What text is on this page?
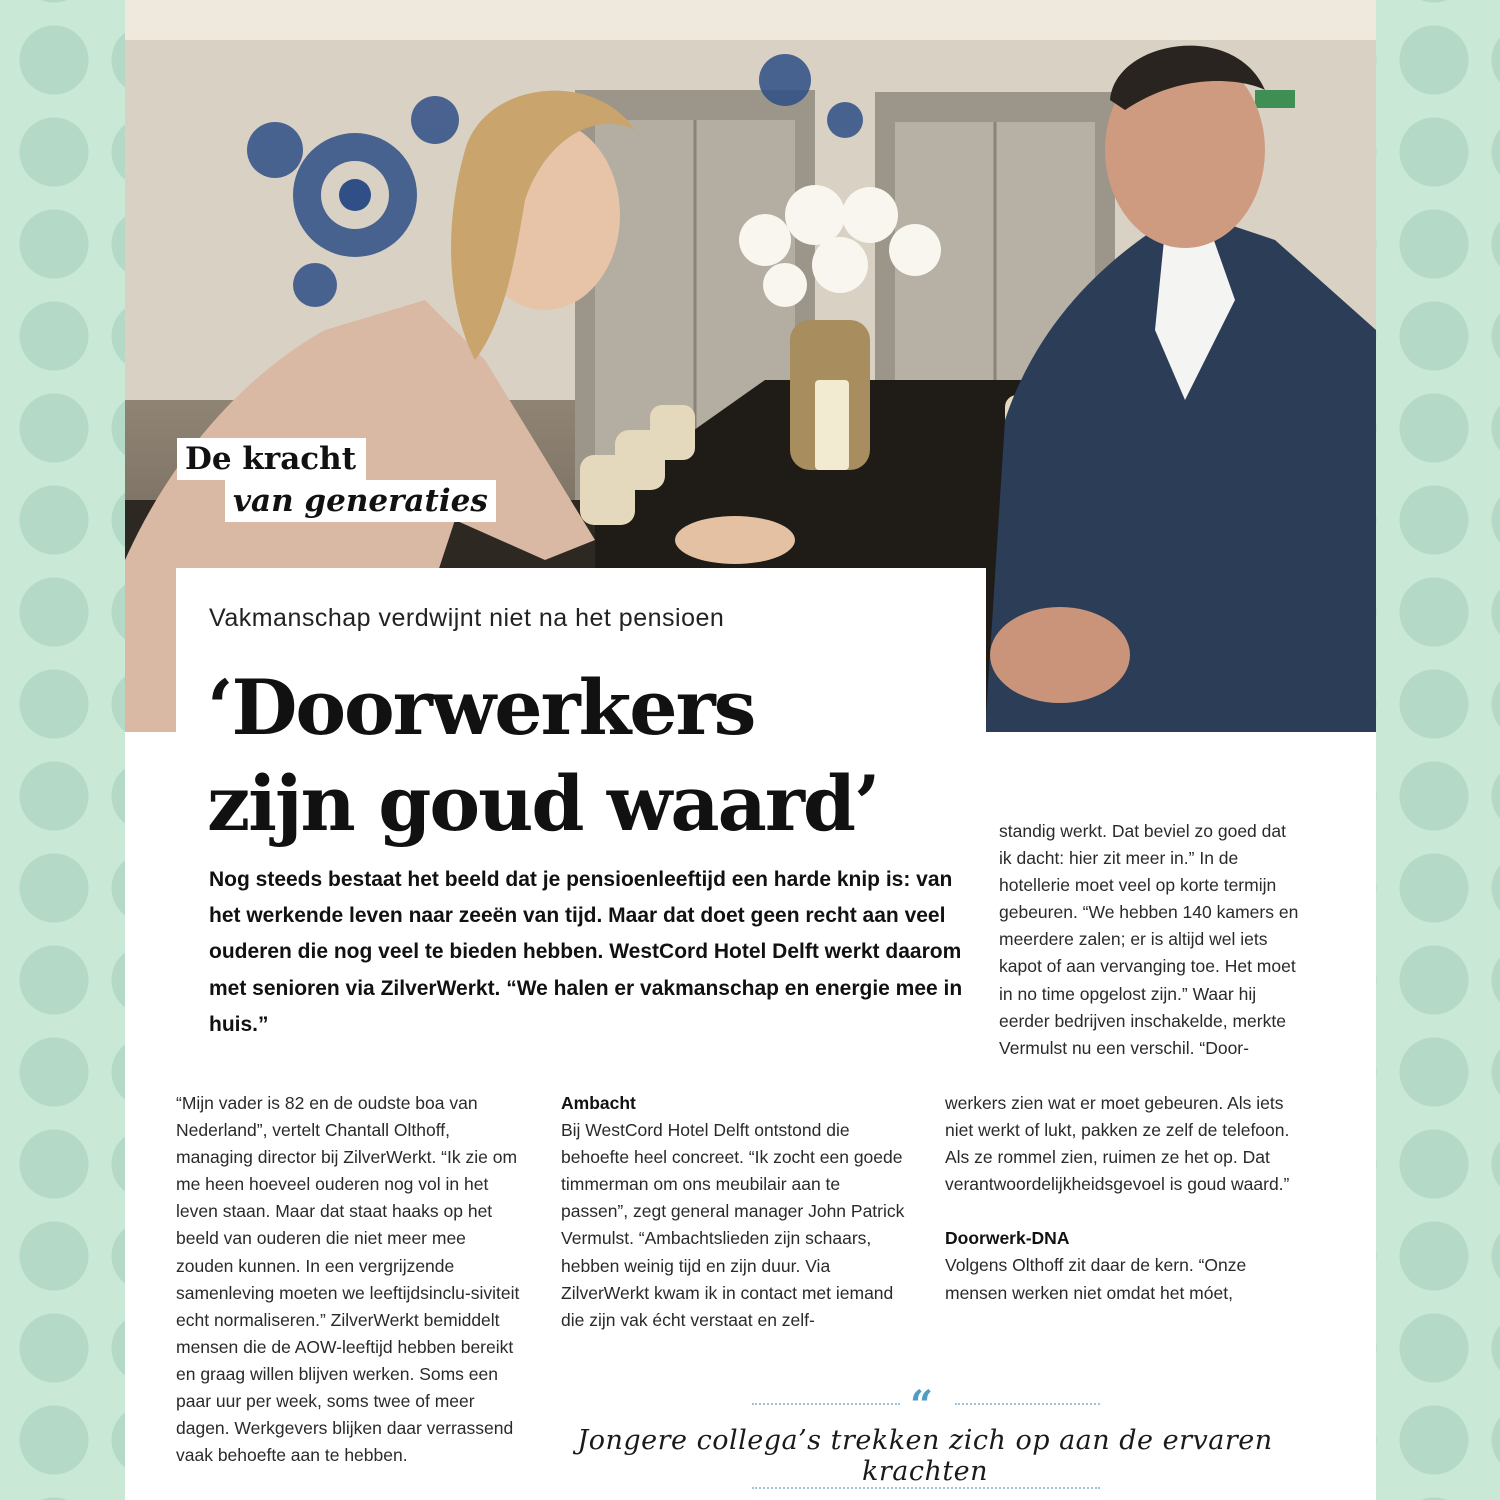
De kracht
van generaties
Vakmanschap verdwijnt niet na het pensioen
‘Doorwerkers
zijn goud waard’

Nog steeds bestaat het beeld dat je pensioenleeftijd een harde knip is: van het werkende leven naar zeeën van tijd. Maar dat doet geen recht aan veel ouderen die nog veel te bieden hebben. WestCord Hotel Delft werkt daarom met senioren via ZilverWerkt. “We halen er vakmanschap en energie mee in huis.”

standig werkt. Dat beviel zo goed dat ik dacht: hier zit meer in.” In de hotellerie moet veel op korte termijn gebeuren. “We hebben 140 kamers en meerdere zalen; er is altijd wel iets kapot of aan vervanging toe. Het moet in no time opgelost zijn.” Waar hij eerder bedrijven inschakelde, merkte Vermulst nu een verschil. “Door-

“Mijn vader is 82 en de oudste boa van Nederland”, vertelt Chantall Olthoff, managing director bij ZilverWerkt. “Ik zie om me heen hoeveel ouderen nog vol in het leven staan. Maar dat staat haaks op het beeld van ouderen die niet meer mee zouden kunnen. In een vergrijzende samenleving moeten we leeftijdsinclu-siviteit echt normaliseren.” ZilverWerkt bemiddelt mensen die de AOW-leeftijd hebben bereikt en graag willen blijven werken. Soms een paar uur per week, soms twee of meer dagen. Werkgevers blijken daar verrassend vaak behoefte aan te hebben.

Ambacht

Bij WestCord Hotel Delft ontstond die behoefte heel concreet. “Ik zocht een goede timmerman om ons meubilair aan te passen”, zegt general manager John Patrick Vermulst. “Ambachtslieden zijn schaars, hebben weinig tijd en zijn duur. Via ZilverWerkt kwam ik in contact met iemand die zijn vak écht verstaat en zelf-

werkers zien wat er moet gebeuren. Als iets niet werkt of lukt, pakken ze zelf de telefoon. Als ze rommel zien, ruimen ze het op. Dat verantwoordelijkheidsgevoel is goud waard.”

Doorwerk-DNA

Volgens Olthoff zit daar de kern. “Onze mensen werken niet omdat het móet,

“

Jongere collega’s trekken zich op aan de ervaren krachten
